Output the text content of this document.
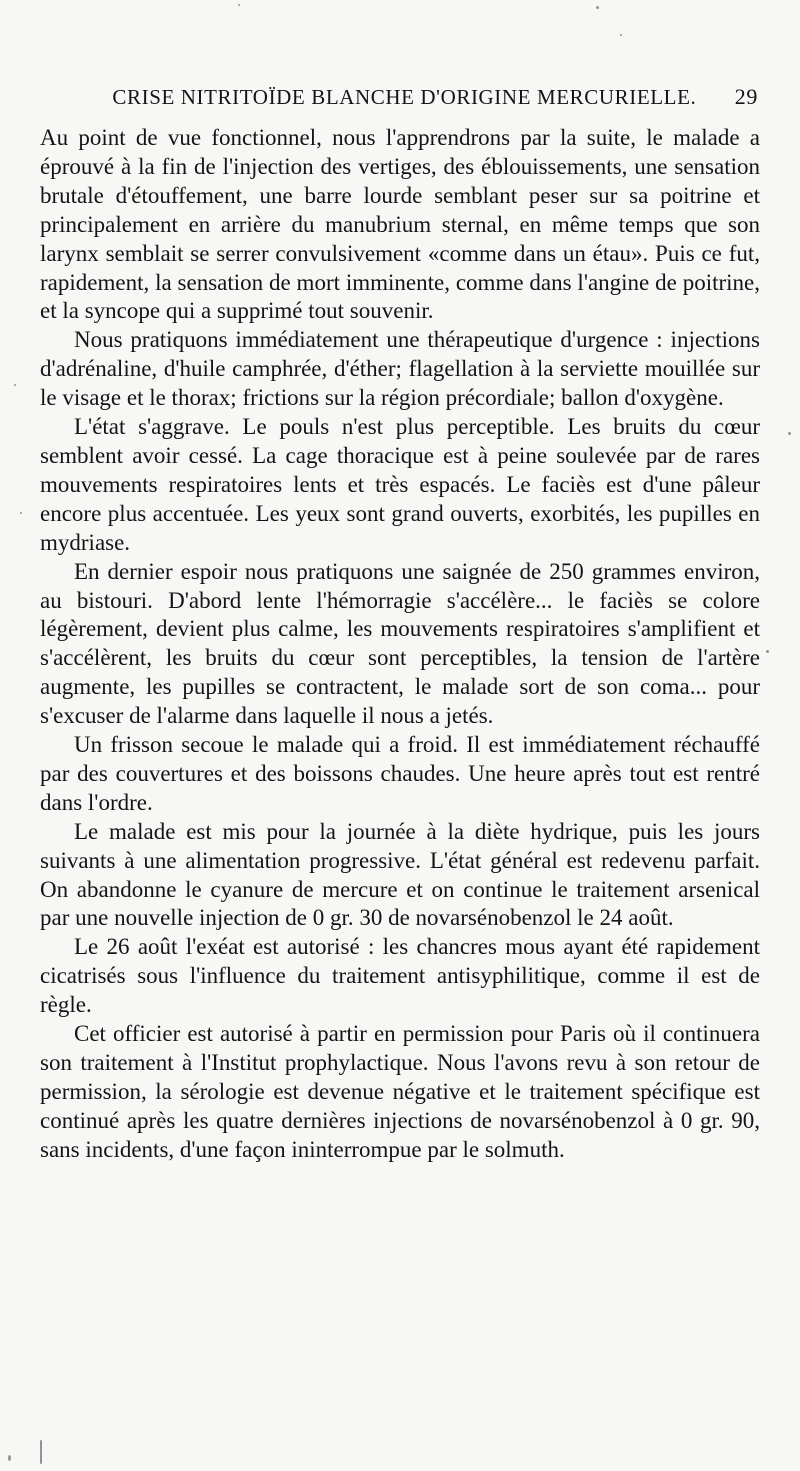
CRISE NITRITOÏDE BLANCHE D'ORIGINE MERCURIELLE.	29

Au point de vue fonctionnel, nous l'apprendrons par la suite, le malade a éprouvé à la fin de l'injection des vertiges, des éblouissements, une sensation brutale d'étouffement, une barre lourde semblant peser sur sa poitrine et principalement en arrière du manubrium sternal, en même temps que son larynx semblait se serrer convulsivement «comme dans un étau». Puis ce fut, rapidement, la sensation de mort imminente, comme dans l'angine de poitrine, et la syncope qui a supprimé tout souvenir.

Nous pratiquons immédiatement une thérapeutique d'urgence : injections d'adrénaline, d'huile camphrée, d'éther; flagellation à la serviette mouillée sur le visage et le thorax; frictions sur la région précordiale; ballon d'oxygène.

L'état s'aggrave. Le pouls n'est plus perceptible. Les bruits du cœur semblent avoir cessé. La cage thoracique est à peine soulevée par de rares mouvements respiratoires lents et très espacés. Le faciès est d'une pâleur encore plus accentuée. Les yeux sont grand ouverts, exorbités, les pupilles en mydriase.

En dernier espoir nous pratiquons une saignée de 250 grammes environ, au bistouri. D'abord lente l'hémorragie s'accélère... le faciès se colore légèrement, devient plus calme, les mouvements respiratoires s'amplifient et s'accélèrent, les bruits du cœur sont perceptibles, la tension de l'artère augmente, les pupilles se contractent, le malade sort de son coma... pour s'excuser de l'alarme dans laquelle il nous a jetés.

Un frisson secoue le malade qui a froid. Il est immédiatement réchauffé par des couvertures et des boissons chaudes. Une heure après tout est rentré dans l'ordre.

Le malade est mis pour la journée à la diète hydrique, puis les jours suivants à une alimentation progressive. L'état général est redevenu parfait. On abandonne le cyanure de mercure et on continue le traitement arsenical par une nouvelle injection de 0 gr. 30 de novarsénobenzol le 24 août.

Le 26 août l'exéat est autorisé : les chancres mous ayant été rapidement cicatrisés sous l'influence du traitement antisyphilitique, comme il est de règle.

Cet officier est autorisé à partir en permission pour Paris où il continuera son traitement à l'Institut prophylactique. Nous l'avons revu à son retour de permission, la sérologie est devenue négative et le traitement spécifique est continué après les quatre dernières injections de novarsénobenzol à 0 gr. 90, sans incidents, d'une façon ininterrompue par le solmuth.
